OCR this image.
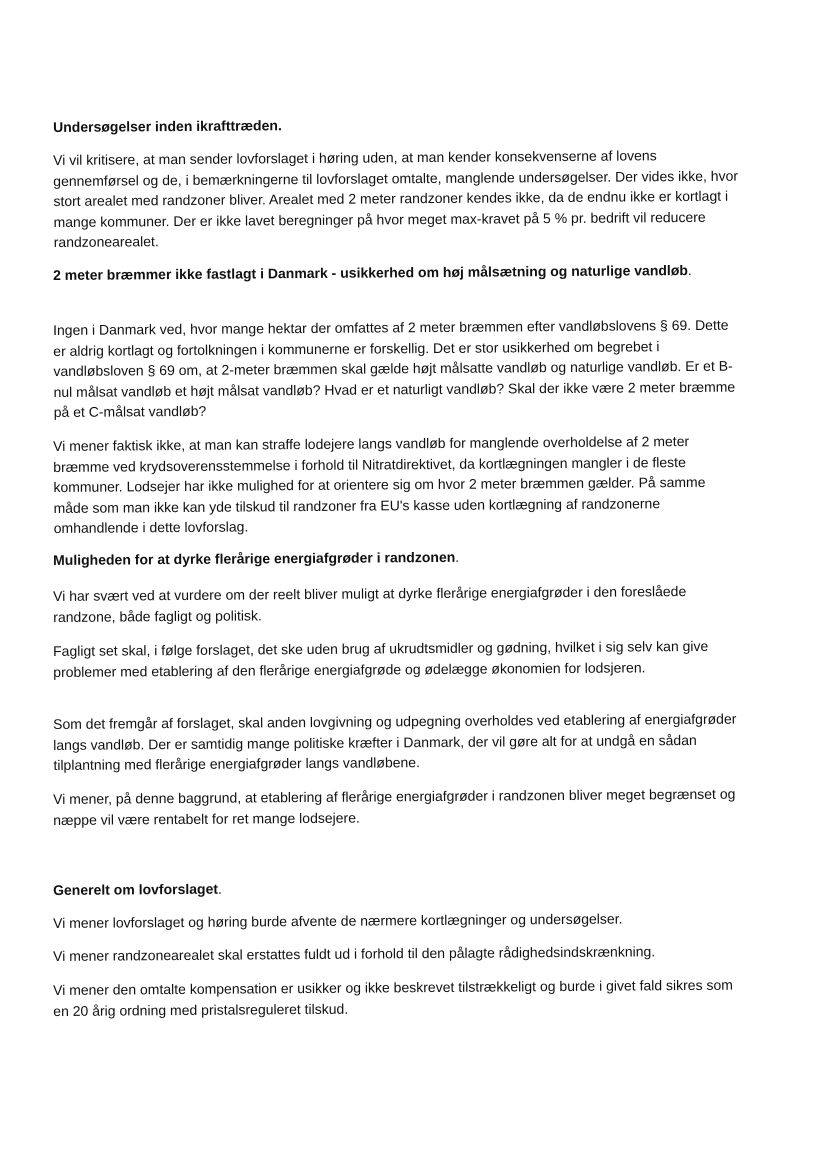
Undersøgelser inden ikrafttræden.

Vi vil kritisere, at man sender lovforslaget i høring uden, at man kender konsekvenserne af lovens gennemførsel og de, i bemærkningerne til lovforslaget omtalte, manglende undersøgelser. Der vides ikke, hvor stort arealet med randzoner bliver. Arealet med 2 meter randzoner kendes ikke, da de endnu ikke er kortlagt i mange kommuner. Der er ikke lavet beregninger på hvor meget max-kravet på 5 % pr. bedrift vil reducere randzonearealet.

2 meter bræmmer ikke fastlagt i Danmark - usikkerhed om høj målsætning og naturlige vandløb.

Ingen i Danmark ved, hvor mange hektar der omfattes af 2 meter bræmmen efter vandløbslovens § 69. Dette er aldrig kortlagt og fortolkningen i kommunerne er forskellig. Det er stor usikkerhed om begrebet i vandløbsloven § 69 om, at 2-meter bræmmen skal gælde højt målsatte vandløb og naturlige vandløb. Er et B-nul målsat vandløb et højt målsat vandløb? Hvad er et naturligt vandløb? Skal der ikke være 2 meter bræmme på et C-målsat vandløb?

Vi mener faktisk ikke, at man kan straffe lodejere langs vandløb for manglende overholdelse af 2 meter bræmme ved krydsoverensstemmelse i forhold til Nitratdirektivet, da kortlægningen mangler i de fleste kommuner. Lodsejer har ikke mulighed for at orientere sig om hvor 2 meter bræmmen gælder. På samme måde som man ikke kan yde tilskud til randzoner fra EU's kasse uden kortlægning af randzonerne omhandlende i dette lovforslag.

Muligheden for at dyrke flerårige energiafgrøder i randzonen.

Vi har svært ved at vurdere om der reelt bliver muligt at dyrke flerårige energiafgrøder i den foreslåede randzone, både fagligt og politisk.

Fagligt set skal, i følge forslaget, det ske uden brug af ukrudtsmidler og gødning, hvilket i sig selv kan give problemer med etablering af den flerårige energiafgrøde og ødelægge økonomien for lodsjeren.

Som det fremgår af forslaget, skal anden lovgivning og udpegning overholdes ved etablering af energiafgrøder langs vandløb. Der er samtidig mange politiske kræfter i Danmark, der vil gøre alt for at undgå en sådan tilplantning med flerårige energiafgrøder langs vandløbene.

Vi mener, på denne baggrund, at etablering af flerårige energiafgrøder i randzonen bliver meget begrænset og næppe vil være rentabelt for ret mange lodsejere.

Generelt om lovforslaget.

Vi mener lovforslaget og høring burde afvente de nærmere kortlægninger og undersøgelser.

Vi mener randzonearealet skal erstattes fuldt ud i forhold til den pålagte rådighedsindskrænkning.

Vi mener den omtalte kompensation er usikker og ikke beskrevet tilstrækkeligt og burde i givet fald sikres som en 20 årig ordning med pristalsreguleret tilskud.
